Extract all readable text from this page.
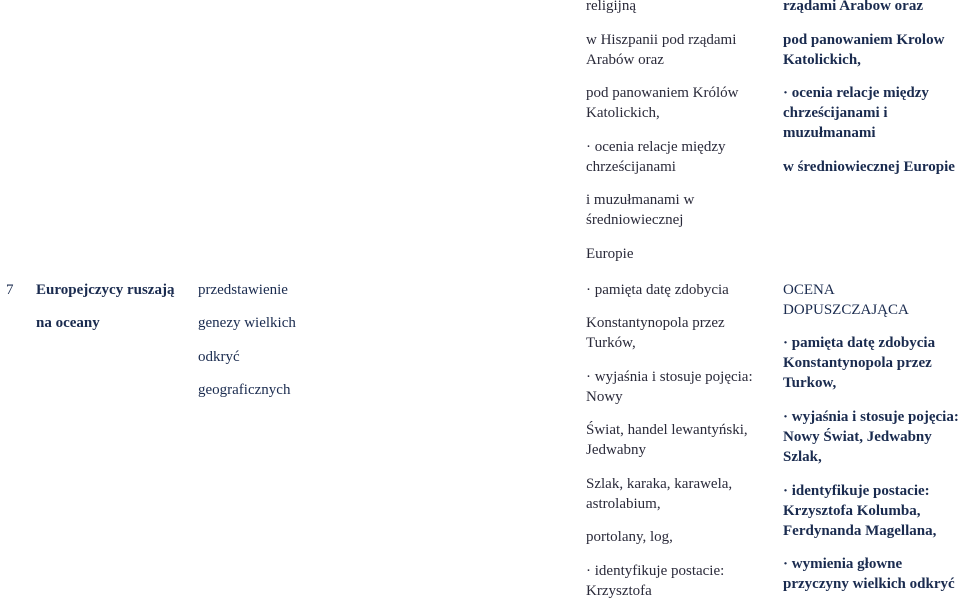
religijną
w Hiszpanii pod rządami
Arabów oraz
pod panowaniem Królów
Katolickich,
· ocenia relacje między
chrześcijanami
i muzułmanami w
średniowiecznej
Europie
rządami Arabow oraz
pod panowaniem Krolow
Katolickich,
· ocenia relacje między
chrześcijanami i
muzułmanami
w średniowiecznej Europie
7 Europejczycy ruszają
na oceany
przedstawienie
genezy wielkich
odkryć
geograficznych
· pamięta datę zdobycia
Konstantynopola przez
Turków,
· wyjaśnia i stosuje pojęcia:
Nowy
Świat, handel lewantyński,
Jedwabny
Szlak, karaka, karawela,
astrolabium,
portolany, log,
· identyfikuje postacie:
Krzysztofa
OCENA
DOPUSZCZAJĄCA
· pamięta datę zdobycia
Konstantynopola przez
Turkow,
· wyjaśnia i stosuje pojęcia:
Nowy Świat, Jedwabny
Szlak,
· identyfikuje postacie:
Krzysztofa Kolumba,
Ferdynanda Magellana,
· wymienia głowne
przyczyny wielkich odkryć
